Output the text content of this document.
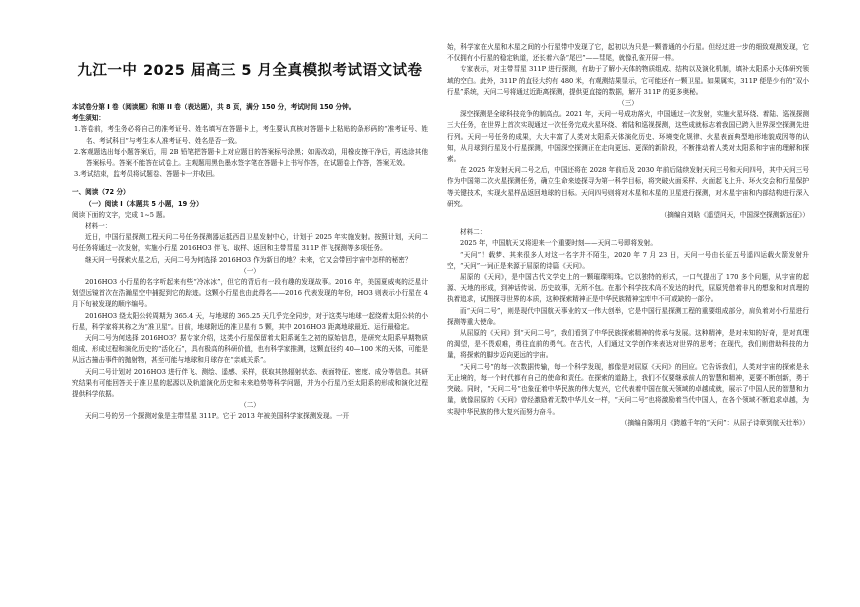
九江一中 2025 届高三 5 月全真模拟考试语文试卷

本试卷分第 I 卷（阅读题）和第 II 卷（表达题），共 8 页，满分 150 分，考试时间 150 分钟。

考生须知：

1.答卷前，考生务必将自己的准考证号、姓名填写在答题卡上，考生要认真核对答题卡上粘贴的条形码的“准考证号、姓名、考试科目”与考生本人准考证号、姓名是否一致。

2.客观题选出每小题答案后，用 2B 铅笔把答题卡上对应题目的答案标号涂黑；如需改动，用橡皮擦干净后，再选涂其他答案标号。答案不能答在试卷上。主观题用黑色墨水签字笔在答题卡上书写作答，在试题卷上作答，答案无效。

3.考试结束，监考员将试题卷、答题卡一并收回。

一、阅读（72 分）

（一）阅读 I（本题共 5 小题，19 分）

阅读下面的文字，完成 1~5 题。

材料一：

近日，中国行星探测工程天问二号任务探测器运抵西昌卫星发射中心，计划于 2025 年实施发射。按照计划，天问二号任务将通过一次发射，实施小行星 2016HO3 伴飞、取样、返回和主带彗星 311P 伴飞探测等多项任务。

继天问一号探索火星之后，天问二号为何选择 2016HO3 作为新目的地？未来，它又会带回宇宙中怎样的秘密？

（一）

2016HO3 小行星的名字听起来有些“冷冰冰”，但它的背后有一段有趣的发现故事。2016 年，美国夏威夷的泛星计划望远镜首次在浩瀚星空中捕捉到它的踪迹。这颗小行星也由此得名——2016 代表发现的年份，HO3 则表示小行星在 4 月下旬被发现的顺序编号。

2016HO3 绕太阳公转周期为 365.4 天，与地球的 365.25 天几乎完全同步，对于这类与地球一起绕着太阳公转的小行星，科学家将其称之为“准卫星”。目前，地球附近的准卫星有 5 颗，其中 2016HO3 距离地球最近、运行最稳定。

天问二号为何选择 2016HO3？据专家介绍，这类小行星保留着太阳系诞生之初的原始信息，是研究太阳系早期物质组成、形成过程和演化历史的“活化石”，具有极高的科研价值，也有科学家推测，这颗直径约 40—100 米的天体，可能是从远古撞击事件的抛射物，甚至可能与地球和月球存在“亲戚关系”。

天问二号计划对 2016HO3 进行伴飞、测绘、遥感、采样，获取其热辐射状态、表面特征、密度、成分等信息。其研究结果有可能回答关于准卫星的起源以及轨道演化历史和未来趋势等科学问题，并为小行星乃至太阳系的形成和演化过程提供科学依据。

（二）

天问二号的另一个探测对象是主带彗星 311P。它于 2013 年被美国科学家探测发现。一开

始，科学家在火星和木星之间的小行星带中发现了它，起初以为只是一颗普通的小行星。但经过进一步的细致观测发现，它不仅拥有小行星的稳定轨道，还长着六条“尾巴”——彗尾，就像孔雀开屏一样。

专家表示，对主带彗星 311P 进行探测，有助于了解小天体的物质组成、结构以及演化机制，填补太阳系小天体研究领域的空白。此外，311P 的直径大约有 480 米，有观测结果显示，它可能还有一颗卫星。如果属实，311P 便是少有的“双小行星”系统，天问二号将通过近距离探测，提供更直接的数据，解开 311P 的更多奥秘。

（三）

深空探测是全球科技竞争的制高点。2021 年，天问一号成功落火，中国通过一次发射，实施火星环绕、着陆、巡视探测三大任务，在世界上首次实现通过一次任务完成火星环绕、着陆和巡视探测，这些成就标志着我国已跨入世界深空探测先进行列。天问一号任务的成果，大大丰富了人类对太阳系天体演化历史、环境变化规律、火星表面典型地形地貌成因等的认知，从月球到行星及小行星探测，中国深空探测正在走向更远、更深的新阶段，不断推动着人类对太阳系和宇宙的理解和探索。

在 2025 年发射天问二号之后，中国还将在 2028 年前后及 2030 年前后陆续发射天问三号和天问四号，其中天问三号作为中国第二次火星探测任务，确立生命来迹探寻为第一科学目标，将突破火面采样、火面起飞上升、环火交会和行星保护等关键技术，实现火星样品返回地球的目标。天问四号则将对木星和木星的卫星进行探测，对木星宇宙和内部结构进行深入研究。

（摘编自刘晗《遥望问天，中国深空探测新远征》）

材料二：

2025 年，中国航天又将迎来一个重要时刻——天问二号即将发射。

“天问”！载梦、其来很多人对这一名字并不陌生，2020 年 7 月 23 日，天问一号由长征五号遥四运载火箭发射升空，“天问”一词正是来源于屈原的诗篇《天问》。

屈原的《天问》，是中国古代文学史上的一颗璀璨明珠。它以独特的形式，一口气提出了 170 多个问题，从宇宙的起源、天地的形成，到神话传说、历史故事，无所不包。在那个科学技术尚不发达的时代，屈原凭借着非凡的想象和对真理的执着追求，试图探寻世界的本质，这种探索精神正是中华民族精神宝库中不可或缺的一部分。

而“天问二号”，则是现代中国航天事业的又一伟大创举，它是中国行星探测工程的重要组成部分，肩负着对小行星进行探测等重大使命。

从屈原的《天问》到“天问二号”，我们看到了中华民族探索精神的传承与发展。这种精神，是对未知的好奇，是对真理的渴望，是不畏艰难，勇往直前的勇气。在古代，人们通过文学创作来表达对世界的思考；在现代，我们则借助科技的力量，将探索的脚步迈向更远的宇宙。

“天问二号”的每一次数据传输，每一个科学发现，都像是对屈原《天问》的回应。它告诉我们，人类对宇宙的探索是永无止境的，每一个时代都有自己的使命和责任。在探索的道路上，我们不仅要继承前人的智慧和精神，更要不断创新，勇于突破。同时，“天问二号”也象征着中华民族的伟大复兴，它代表着中国在航天领域的卓越成就，展示了中国人民的智慧和力量，就像屈原的《天问》曾经激励着无数中华儿女一样，“天问二号”也将激励着当代中国人，在各个领域不断追求卓越，为实现中华民族的伟大复兴而努力奋斗。

（摘编自陈明月《跨越千年的“天问”：从屈子诗章到航天壮举》）
